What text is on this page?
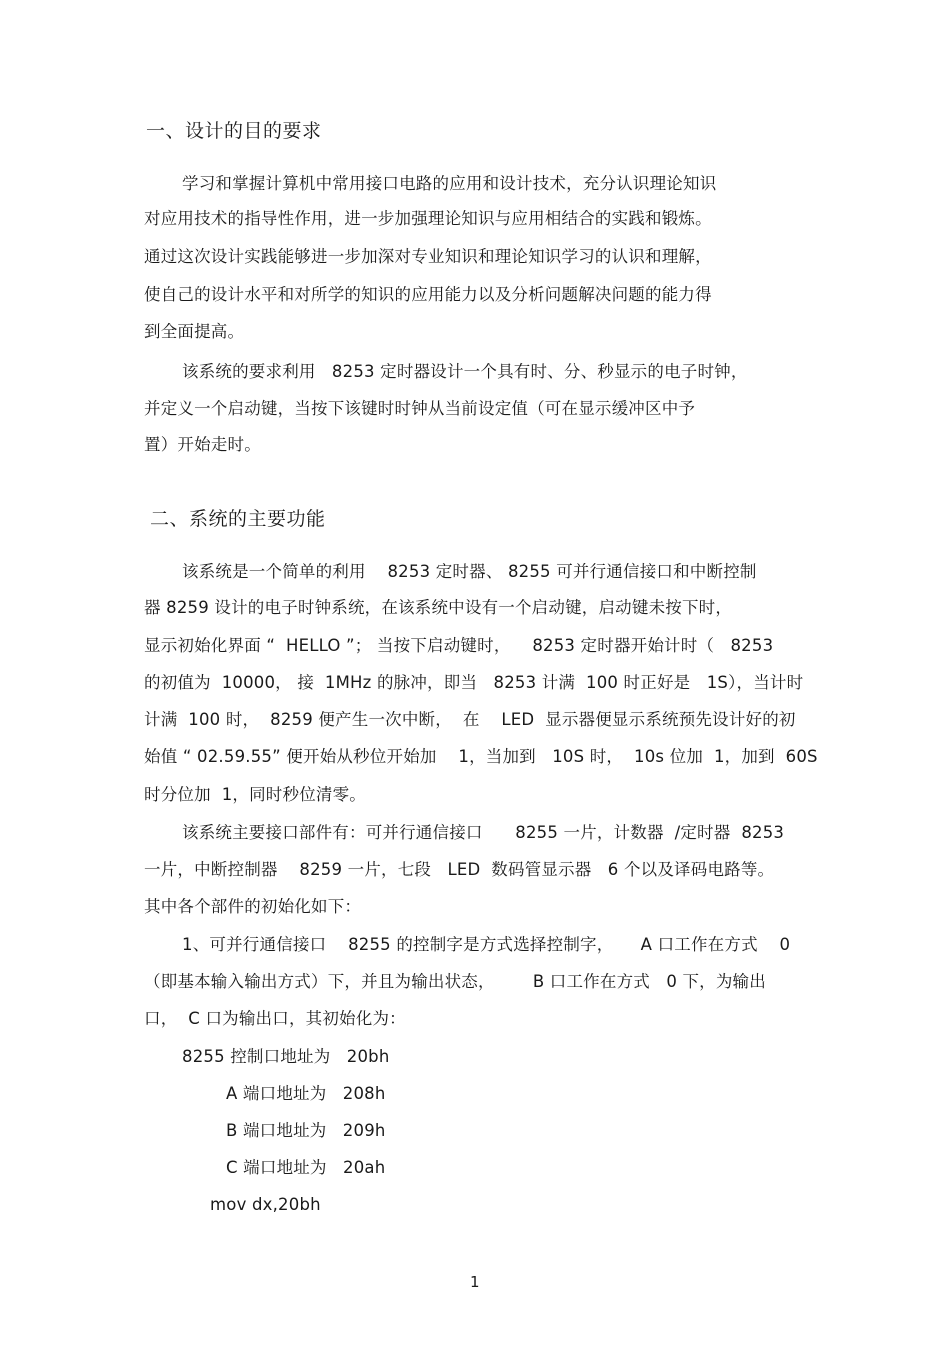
一、设计的目的要求
学习和掌握计算机中常用接口电路的应用和设计技术，充分认识理论知识
对应用技术的指导性作用，进一步加强理论知识与应用相结合的实践和锻炼。
通过这次设计实践能够进一步加深对专业知识和理论知识学习的认识和理解，
使自己的设计水平和对所学的知识的应用能力以及分析问题解决问题的能力得
到全面提高。
该系统的要求利用   8253 定时器设计一个具有时、分、秒显示的电子时钟，
并定义一个启动键，当按下该键时时钟从当前设定值（可在显示缓冲区中予
置）开始走时。
二、系统的主要功能
该系统是一个简单的利用    8253 定时器、 8255 可并行通信接口和中断控制
器 8259 设计的电子时钟系统，在该系统中设有一个启动键，启动键未按下时，
显示初始化界面 “  HELLO ”； 当按下启动键时，    8253 定时器开始计时（   8253
的初值为  10000， 接  1MHz 的脉冲，即当   8253 计满  100 时正好是   1S），当计时
计满  100 时，  8259 便产生一次中断，  在    LED  显示器便显示系统预先设计好的初
始值 “ 02.59.55” 便开始从秒位开始加    1，当加到   10S 时，  10s 位加  1，加到  60S
时分位加  1，同时秒位清零。
该系统主要接口部件有：可并行通信接口      8255 一片，计数器  /定时器  8253
一片，中断控制器    8259 一片，七段   LED  数码管显示器   6 个以及译码电路等。
其中各个部件的初始化如下：
1、可并行通信接口    8255 的控制字是方式选择控制字，     A 口工作在方式    0
（即基本输入输出方式）下，并且为输出状态，       B 口工作在方式   0 下，为输出
口，  C 口为输出口，其初始化为：
8255 控制口地址为   20bh
A 端口地址为   208h
B 端口地址为   209h
C 端口地址为   20ah
mov dx,20bh
1
